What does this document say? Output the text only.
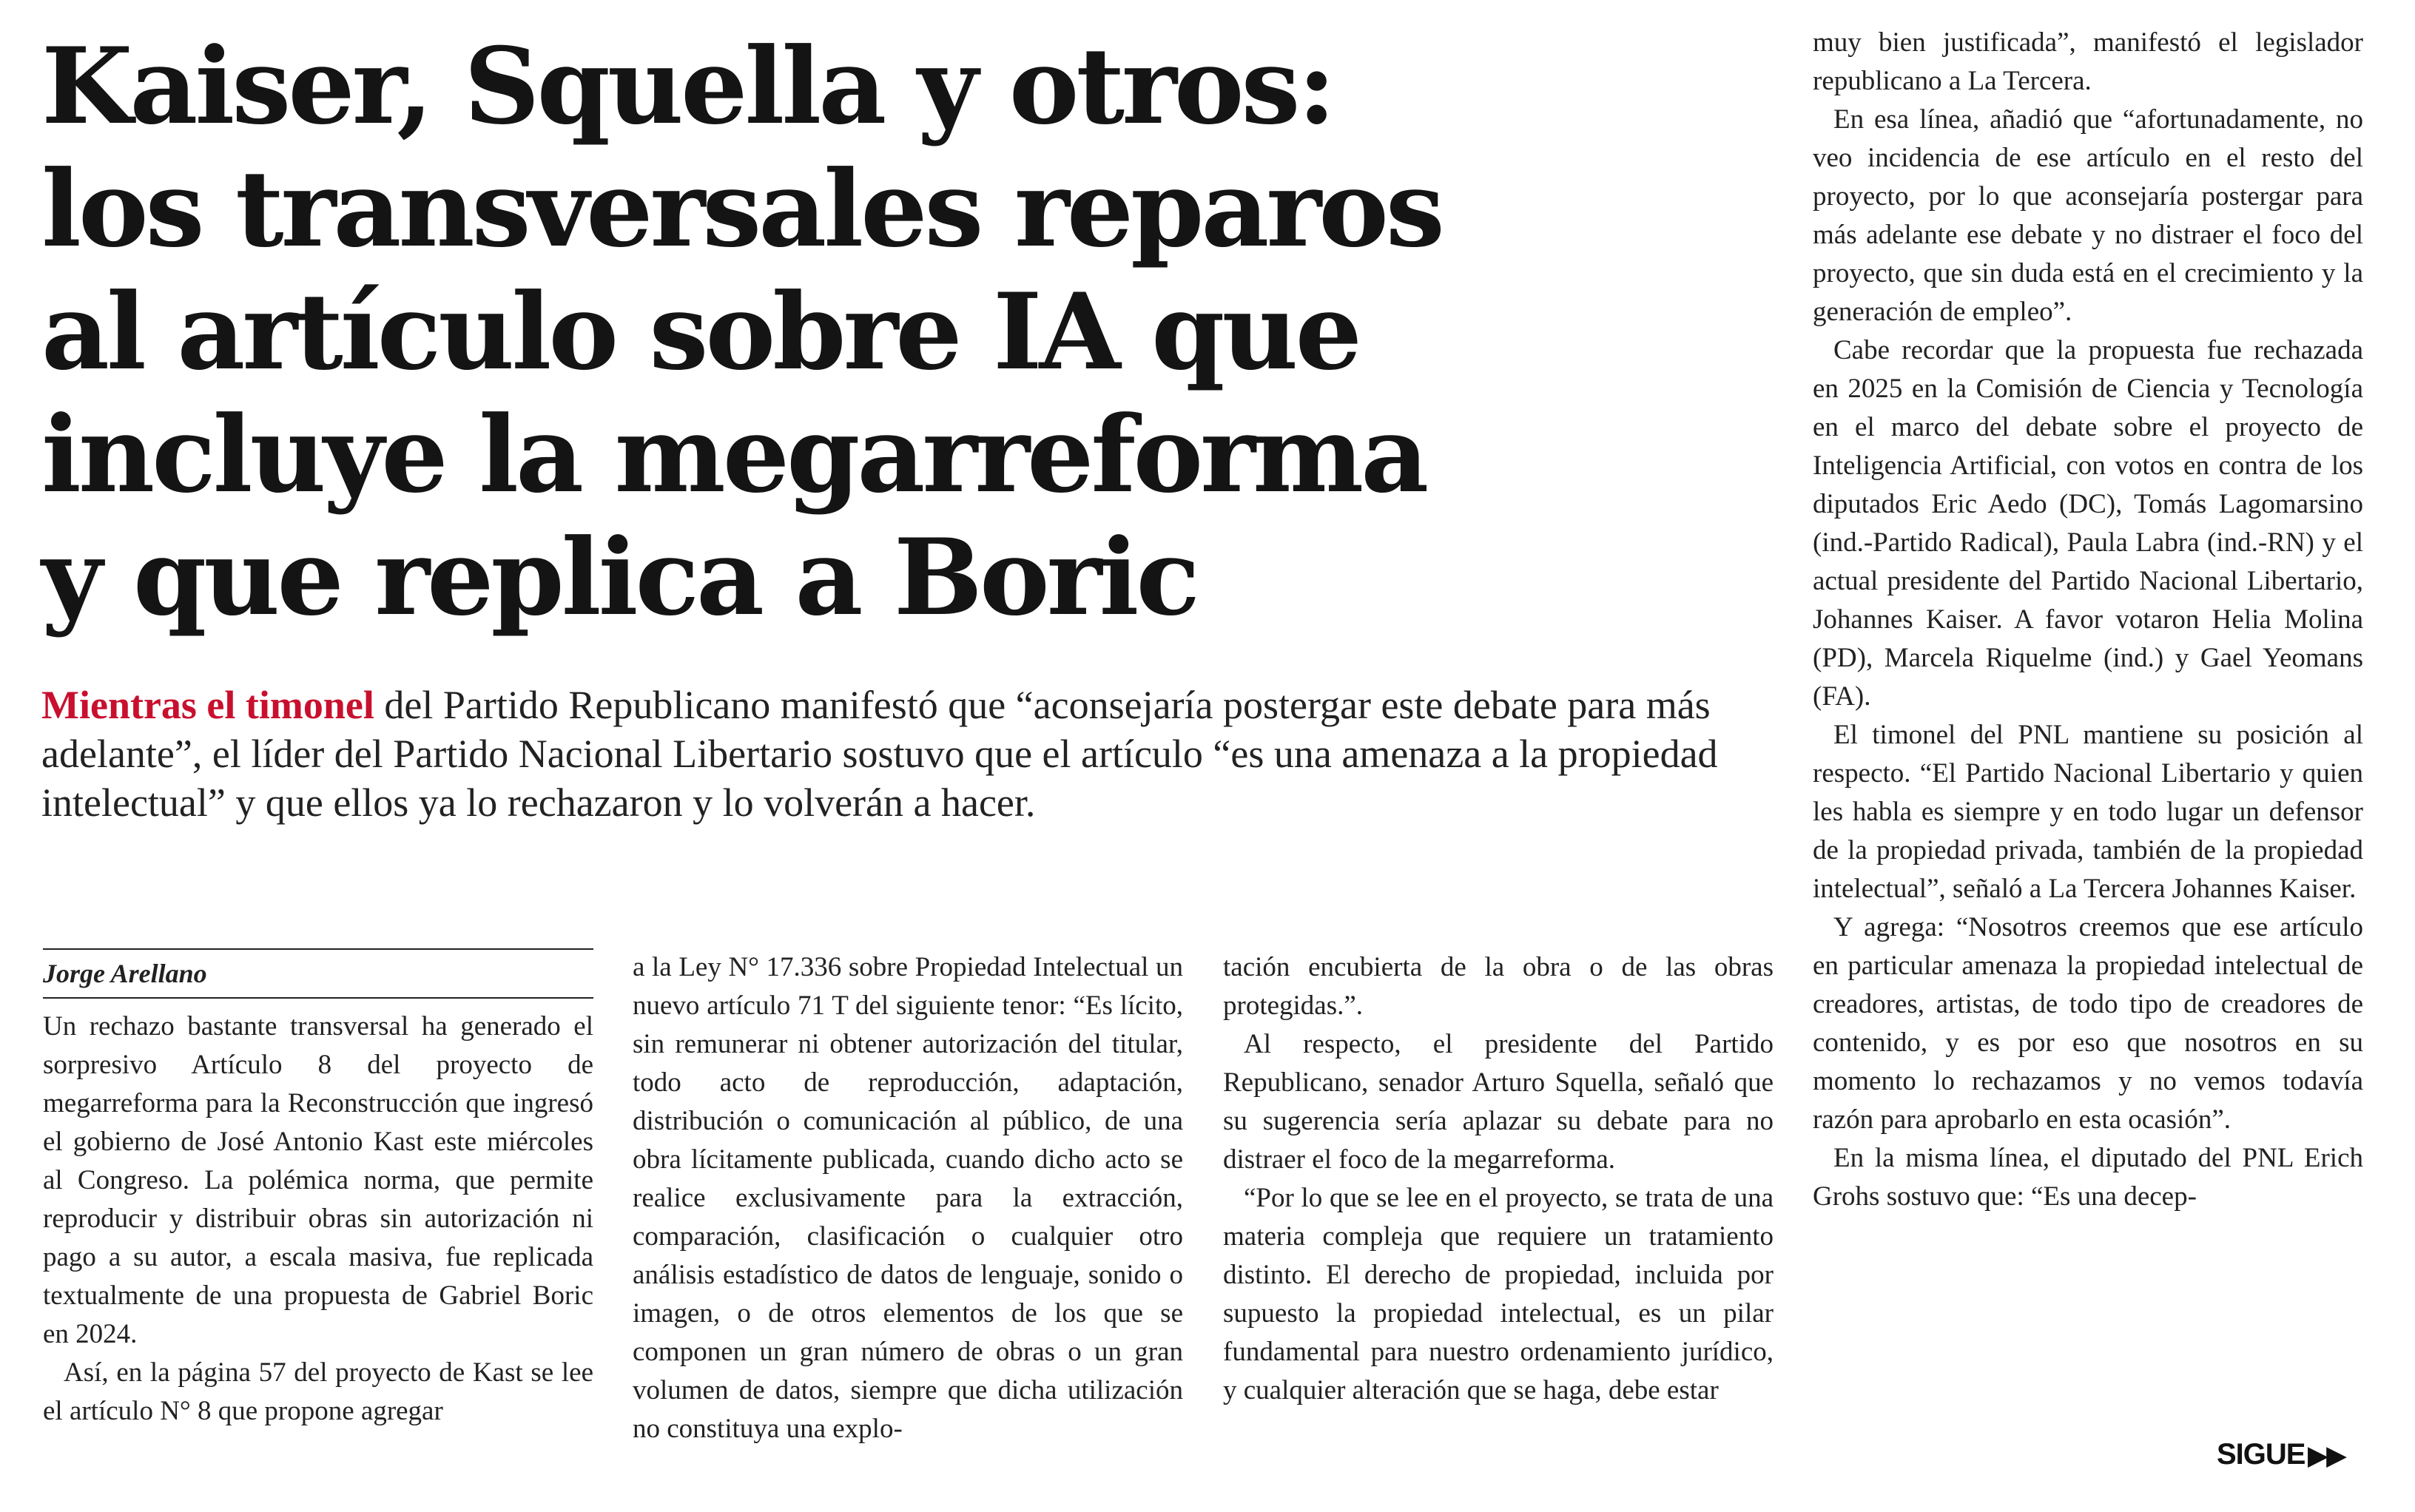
Kaiser, Squella y otros:
los transversales reparos
al artículo sobre IA que
incluye la megarreforma
y que replica a Boric

Mientras el timonel del Partido Republicano manifestó que “aconsejaría postergar este debate para más adelante”, el líder del Partido Nacional Libertario sostuvo que el artículo “es una amenaza a la propiedad intelectual” y que ellos ya lo rechazaron y lo volverán a hacer.

Jorge Arellano

Un rechazo bastante transversal ha generado el sorpresivo Artículo 8 del proyecto de megarreforma para la Reconstrucción que ingresó el gobierno de José Antonio Kast este miércoles al Congreso. La polémica norma, que permite reproducir y distribuir obras sin autorización ni pago a su autor, a escala masiva, fue replicada textualmente de una propuesta de Gabriel Boric en 2024.

Así, en la página 57 del proyecto de Kast se lee el artículo N° 8 que propone agregar

a la Ley N° 17.336 sobre Propiedad Intelectual un nuevo artículo 71 T del siguiente tenor: “Es lícito, sin remunerar ni obtener autorización del titular, todo acto de reproducción, adaptación, distribución o comunicación al público, de una obra lícitamente publicada, cuando dicho acto se realice exclusivamente para la extracción, comparación, clasificación o cualquier otro análisis estadístico de datos de lenguaje, sonido o imagen, o de otros elementos de los que se componen un gran número de obras o un gran volumen de datos, siempre que dicha utilización no constituya una explo-

tación encubierta de la obra o de las obras protegidas.”.

Al respecto, el presidente del Partido Republicano, senador Arturo Squella, señaló que su sugerencia sería aplazar su debate para no distraer el foco de la megarreforma.

“Por lo que se lee en el proyecto, se trata de una materia compleja que requiere un tratamiento distinto. El derecho de propiedad, incluida por supuesto la propiedad intelectual, es un pilar fundamental para nuestro ordenamiento jurídico, y cualquier alteración que se haga, debe estar

muy bien justificada”, manifestó el legislador republicano a La Tercera.

En esa línea, añadió que “afortunadamente, no veo incidencia de ese artículo en el resto del proyecto, por lo que aconsejaría postergar para más adelante ese debate y no distraer el foco del proyecto, que sin duda está en el crecimiento y la generación de empleo”.

Cabe recordar que la propuesta fue rechazada en 2025 en la Comisión de Ciencia y Tecnología en el marco del debate sobre el proyecto de Inteligencia Artificial, con votos en contra de los diputados Eric Aedo (DC), Tomás Lagomarsino (ind.-Partido Radical), Paula Labra (ind.-RN) y el actual presidente del Partido Nacional Libertario, Johannes Kaiser. A favor votaron Helia Molina (PD), Marcela Riquelme (ind.) y Gael Yeomans (FA).

El timonel del PNL mantiene su posición al respecto. “El Partido Nacional Libertario y quien les habla es siempre y en todo lugar un defensor de la propiedad privada, también de la propiedad intelectual”, señaló a La Tercera Johannes Kaiser.

Y agrega: “Nosotros creemos que ese artículo en particular amenaza la propiedad intelectual de creadores, artistas, de todo tipo de creadores de contenido, y es por eso que nosotros en su momento lo rechazamos y no vemos todavía razón para aprobarlo en esta ocasión”.

En la misma línea, el diputado del PNL Erich Grohs sostuvo que: “Es una decep-

SIGUE ▶▶
